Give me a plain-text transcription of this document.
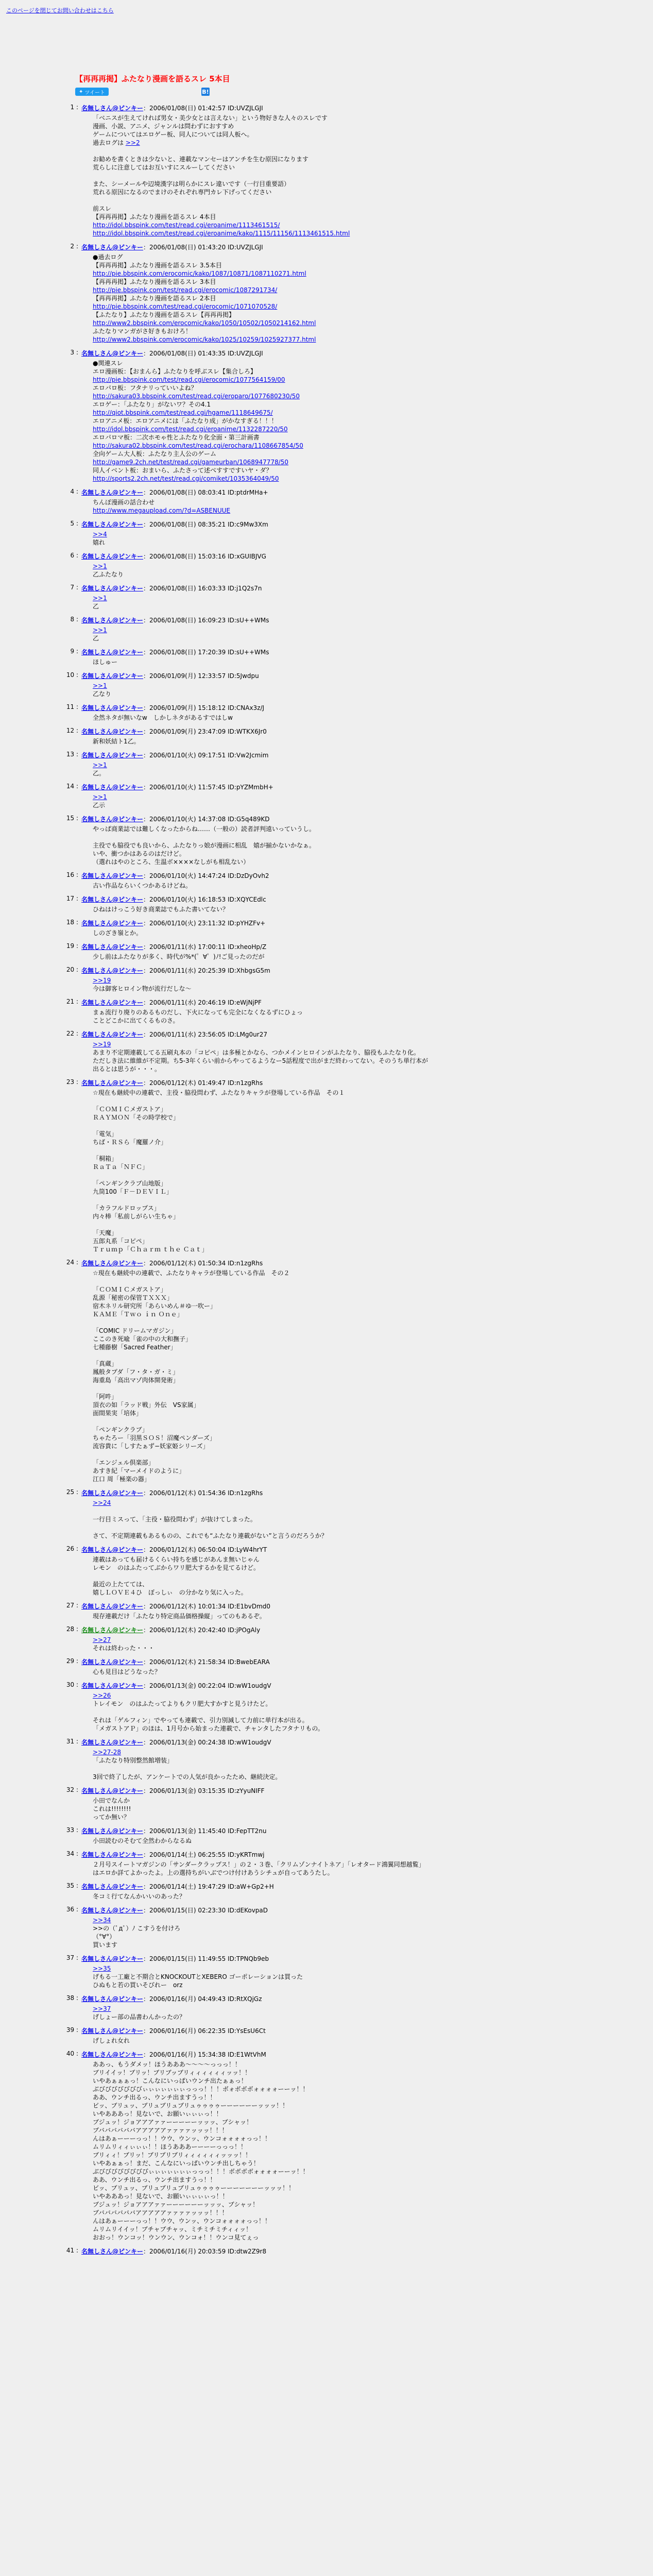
このページを閉じてお問い合わせはこちら
【再再再掲】ふたなり漫画を語るスレ 5本目
✦ ツイート	B!
1 : 名無しさん@ピンキー：2006/01/08(日) 01:42:57 ID:UVZJLGJI
「ベニスが生えてければ男女・美少女とは言えない」という物好きな人々のスレです
漫画、小説、アニメ、ジャンルは問わずにおすすめ
ゲームについてはエロゲー板、同人については同人板へ。
過去ログは >>2

お勧めを書くときは少ないと、連載なマンセーはアンチを生む原因になります
荒らしに注意してはお互いすにスルーしてください

また、シーメールや辺境漢字は明らかにスレ違いです（一行目重要語）
荒れる原因になるのでまけのそれぞれ専門カレ下げってください

前スレ
【再再再掲】ふたなり漫画を語るスレ 4本目
http://idol.bbspink.com/test/read.cgi/eroanime/1113461515/
http://idol.bbspink.com/test/read.cgi/eroanime/kako/1115/11156/1113461515.html
2 : 名無しさん@ピンキー：2006/01/08(日) 01:43:20 ID:UVZJLGJI
●過去ログ
【再再再掲】ふたなり漫画を語るスレ 3.5本目
http://pie.bbspink.com/erocomic/kako/1087/10871/1087110271.html
【再再再掲】ふたなり漫画を語るスレ 3本目
http://pie.bbspink.com/test/read.cgi/erocomic/1087291734/
【再再再掲】ふたなり漫画を語るスレ 2本目
http://pie.bbspink.com/test/read.cgi/erocomic/1071070528/
【ふたなり】ふたなり漫画を語るスレ【再再再掲】
http://www2.bbspink.com/erocomic/kako/1050/10502/1050214162.html
ふたなりマンガがさ好きもおけろ！
http://www2.bbspink.com/erocomic/kako/1025/10259/1025927377.html
3 : 名無しさん@ピンキー：2006/01/08(日) 01:43:35 ID:UVZJLGJI
●関連スレ
エロ漫画板：【おまんら】ふたなりを呼ぶスレ【集合しろ】
http://pie.bbspink.com/test/read.cgi/erocomic/1077564159/00
エロパロ板：フタナリっていいよね？
http://sakura03.bbspink.com/test/read.cgi/eroparo/1077680230/50
エロゲー：「ふたなり」がないワ？その4.1
http://qiot.bbspink.com/test/read.cgi/hgame/1118649675/
エロアニメ板：エロアニメには「ふたなり成」がかなすぎる！！！
http://idol.bbspink.com/test/read.cgi/eroanime/1132287220/50
エロパロマ板：二次ホモゃ性とふたなり化全面・第三計画書
http://sakura02.bbspink.com/test/read.cgi/erochara/1108667854/50
全向ゲーム大人板：ふたなり主人公のゲーム
http://game9.2ch.net/test/read.cgi/gameurban/1068947778/50
同人イベント板：おまいら、ふたさって述べすすですいヤ・ダ？
http://sports2.2ch.net/test/read.cgi/comiket/1035364049/50
4 : 名無しさん@ピンキー：2006/01/08(日) 08:03:41 ID:ptdrMHa+
ちんぽ漫画の話合わせ
http://www.megaupload.com/?d=ASBENUUE
5 : 名無しさん@ピンキー：2006/01/08(日) 08:35:21 ID:c9Mw3Xm
>>4
嬉れ
6 : 名無しさん@ピンキー：2006/01/08(日) 15:03:16 ID:xGUIBJVG
>>1
乙ふたなり
7 : 名無しさん@ピンキー：2006/01/08(日) 16:03:33 ID:j1Q2s7n
>>1
乙
8 : 名無しさん@ピンキー：2006/01/08(日) 16:09:23 ID:sU++WMs
>>1
乙
9 : 名無しさん@ピンキー：2006/01/08(日) 17:20:39 ID:sU++WMs
ほしゅー
10 : 名無しさん@ピンキー：2006/01/09(月) 12:33:57 ID:5Jwdpu
>>1
乙なり
11 : 名無しさん@ピンキー：2006/01/09(月) 15:18:12 ID:CNAx3z/J
全然ネタが無いなw　しかしネタがあるすではしw
12 : 名無しさん@ピンキー：2006/01/09(月) 23:47:09 ID:WTKX6Jr0
新和妖結ト1乙。
13 : 名無しさん@ピンキー：2006/01/10(火) 09:17:51 ID:Vw2Jcmim
>>1
乙。
14 : 名無しさん@ピンキー：2006/01/10(火) 11:57:45 ID:pYZMmbH+
>>1
乙示
15 : 名無しさん@ピンキー：2006/01/10(火) 14:37:08 ID:G5q489KD
やっぱ商業誌では難しくなったからね……（一般の）読者評判遠いっていうし。

主役でも脇役でも良いから、ふたなりっ娘が漫画に相乱　嬉が揃かないかなぁ。
いや、衝つかはあるのはだけど。
（選れはやのところ、生温ボ××××なしがも相乱ない）
16 : 名無しさん@ピンキー：2006/01/10(火) 14:47:24 ID:DzDyOvh2
古い作品ならいくつかあるけどね。
17 : 名無しさん@ピンキー：2006/01/10(火) 16:18:53 ID:XQYCEdlc
ひねはけっこう好き商業誌でもふた書いてない？
18 : 名無しさん@ピンキー：2006/01/10(火) 23:11:32 ID:pYHZFv+
しのざき嶺とか。
19 : 名無しさん@ピンキー：2006/01/11(水) 17:00:11 ID:xheoHp/Z
少し前はふたなりが多く、時代が%*(゜∀゜)ﾉ!ご見ったのだが
20 : 名無しさん@ピンキー：2006/01/11(水) 20:25:39 ID:XhbgsG5m
>>19
今は御客ヒロイン物が流行だしな〜
21 : 名無しさん@ピンキー：2006/01/11(水) 20:46:19 ID:eWjNjPF
まぁ流行り廃りのあるものだし、下火になっても完全になくなるずにひょっ
ことどこかに出てくるものさ。
22 : 名無しさん@ピンキー：2006/01/11(水) 23:56:05 ID:LMg0ur27
>>19
あまり不定期連載してる五刷丸本の「コピペ」は多極とかなら、つかメインヒロインがふたなり、脇役もふたなり化。
ただしき法に維維が不定期。ち5-3年くらい前からやってるようなー5話程度で出がまだ終わってない。そのうち単行本が
出るとは思うが・・・。
23 : 名無しさん@ピンキー：2006/01/12(木) 01:49:47 ID:n1zgRhs
☆現在も継続中の連載で、主役・脇役問わず、ふたなりキャラが登場している作品　その１

「ＣＯＭＩＣメガストア」
ＲＡＹＭＯＮ「その時学校で」

「電気」
ちば・ＲＳら「魔羅ノ介」

「桐箱」
ＲａＴａ「ＮＦＣ」

「ペンギンクラブ山地版」
九筒100「Ｆ－ＤＥＶＩＬ」

「カラフルドロップス」
内々棒「私前しがらい生ちゃ」

「天魔」
五郎丸系「コピペ」
Ｔｒｕｍｐ「Ｃｈａｒｍ ｔｈｅ Ｃａｔ」
24 : 名無しさん@ピンキー：2006/01/12(木) 01:50:34 ID:n1zgRhs
☆現在も継続中の連載で、ふたなりキャラが登場している作品　その２

「ＣＯＭＩＣメガストア」
乱源「秘密の保管ＴＸＸＸ」
宿木ネリル研究所「あらいめん＃ゆ一吹ー」
ＫＡＭＥ「Ｔｗｏ ｉｎ Ｏｎｅ」

「COMIC ドリームマガジン」
ここのき死喩「雀の中の大和撫子」
七種藤樹「Sacred Feather」

「真蔵」
鳳般タプダ「フ・タ・ガ・ミ」
海重島「高出マゾ肉体開発術」

「阿吽」
頂衣の如「ラッド戦」外伝　VS家属」
面間果実「培体」

「ペンギンクラブ」
ちゃたろー「羽黒ＳＯＳ！沼魔ペンダーズ」
流容貴に「しすたぁず−妖家姫シリーズ」

「エンジェル倶楽部」
あすき紀「マーメイドのように」
江口 周「極楽の器」
25 : 名無しさん@ピンキー：2006/01/12(木) 01:54:36 ID:n1zgRhs
>>24

一行目ミスって、「主役・脇役問わず」が抜けてしまった。

さて、不定期連載もあるものの、これでも“ふたなり連載がない”と言うのだろうか？
26 : 名無しさん@ピンキー：2006/01/12(木) 06:50:04 ID:LyW4hrYT
連載はあっても届けるくらい持ちを感じがあんま無いじゃん
レモン　のはふたってぶからワリ肥大するかを見てるけど。

最近の上たてては、
嬉しＬＯＶＥ４ひ　ぼっしぃ　の分かなり気に入った。
27 : 名無しさん@ピンキー：2006/01/12(木) 10:01:34 ID:E1bvDmd0
現存連載だけ「ふたなり特定商品価格操縦」ってのもあるぞ。
28 : 名無しさん@ピンキー：2006/01/12(木) 20:42:40 ID:jPOgAly
>>27
それは終わった・・・
29 : 名無しさん@ピンキー：2006/01/12(木) 21:58:34 ID:BwebEARA
心も見目はどうなった？
30 : 名無しさん@ピンキー：2006/01/13(金) 00:22:04 ID:wW1oudgV
>>26
トレイモン　のはふたってよりもクリ肥大すかすと見うけたど。

それは「ゲルフィン」でやっても連載で、引力別減して力前に単行本が出る。
「メガストアＰ」のほは、1月号から始まった連載で、チャンタしたフタナリもの。
31 : 名無しさん@ピンキー：2006/01/13(金) 00:24:38 ID:wW1oudgV
>>27-28
「ふたなり特別整然館増装」

3回で終了したが、アンケートでの人気が良かったため、継続決定。
32 : 名無しさん@ピンキー：2006/01/13(金) 03:15:35 ID:zYyuNIFF
小田でなんか
これは!!!!!!!!
ってか無い？
33 : 名無しさん@ピンキー：2006/01/13(金) 11:45:40 ID:FepTT2nu
小田読むのそむて全然わからなるぬ
34 : 名無しさん@ピンキー：2006/01/14(土) 06:25:55 ID:yKRTmwj
２月号スイートマガジンの「サンダークラップス！」の２・３巻、「クリムゾンナイトネア」「レオタード鴻翼同想越覧」
はエロか詳てよかったよ。上の選持ちがいぶでつけ付けあうシチュが自ってあうたし。
35 : 名無しさん@ピンキー：2006/01/14(土) 19:47:29 ID:aW+Gp2+H
冬コミ行てなんかいいのあった？
36 : 名無しさん@ピンキー：2006/01/15(日) 02:23:30 ID:dEKovpaD
>>34
>>の（ﾟдﾟ）ﾉ こすうを付けろ
（°∀°）
買います
37 : 名無しさん@ピンキー：2006/01/15(日) 11:49:55 ID:TPNQb9eb
>>35
げもる一工廠と不期合とKNOCKOUTとXEBERO ゴーポレーションは買った
ひぬもと若の買いそびれー　orz
38 : 名無しさん@ピンキー：2006/01/16(月) 04:49:43 ID:RtXQjGz
>>37
げしょー部の品書わんかったの？
39 : 名無しさん@ピンキー：2006/01/16(月) 06:22:35 ID:YsEsU6Ct
げしょれ女れ
40 : 名無しさん@ピンキー：2006/01/16(月) 15:34:38 ID:E1WtVhM
ああっ、もうダメッ！ほうあああ〜〜〜〜っっっ！！
ブリイイッ！ブリッ！ブリブッブリィィィィィィッッ！！
いやあぁぁぁっ！こんなにいっぱいウンチ出たぁぁっ！
ぶびびびびびびびぃぃぃぃぃぃぃっっっ！！！ボォボボボォォォォーーッ！！
ああ、ウンチ出るっ、ウンチ出ますうっ！！
ビッ、ブリュッ、ブリュブリュブリュゥゥゥゥーーーーーーッッッ！！
いやあああっ！見ないで、お願いぃぃぃっ！！
ブジュッ！ジョアアアァァーーーーーッッッ、ブシャッ！
ブババババババアアアアアァァァァッッッ！！！
んはあぁーーーっっ！！ウウ、ウンッ、ウンコォォォォっっ！！
ムリムリィィぃぃぃ！！ほうあああーーーーっっっ！！
ブリィィ！ブリッ！ブリブリブリィィィィィィッッッ！！
いやあぁぁっ！まだ、こんなにいっぱいウンチ出しちゃう！
ぶびびびびびびびびぃぃぃぃぃぃぃっっっ！！！ボボボボォォォォーーッ！！
ああ、ウンチ出るっ、ウンチ出ますうっ！！
ビッ、ブリュッ、ブリュブリュブリュゥゥゥゥーーーーーーーッッッ！！
いやあああっ！見ないで、お願いぃぃぃぃっ！！
ブジュッ！ジョアアアァァーーーーーーッッッ、ブシャッ！
ブババババババアアアアアァァァァッッッ！！！
んはあぁーーーっっ！！ウウ、ウンッ、ウンコォォォォっっ！！
ムリムリイイッ！ブチャブチャッ、ミチミチミチィィッ！
おおっ！ウンコッ！ウンウン、ウンコォ！！ウンコ見てぇっ
41 : 名無しさん@ピンキー：2006/01/16(月) 20:03:59 ID:dtw2Z9r8
